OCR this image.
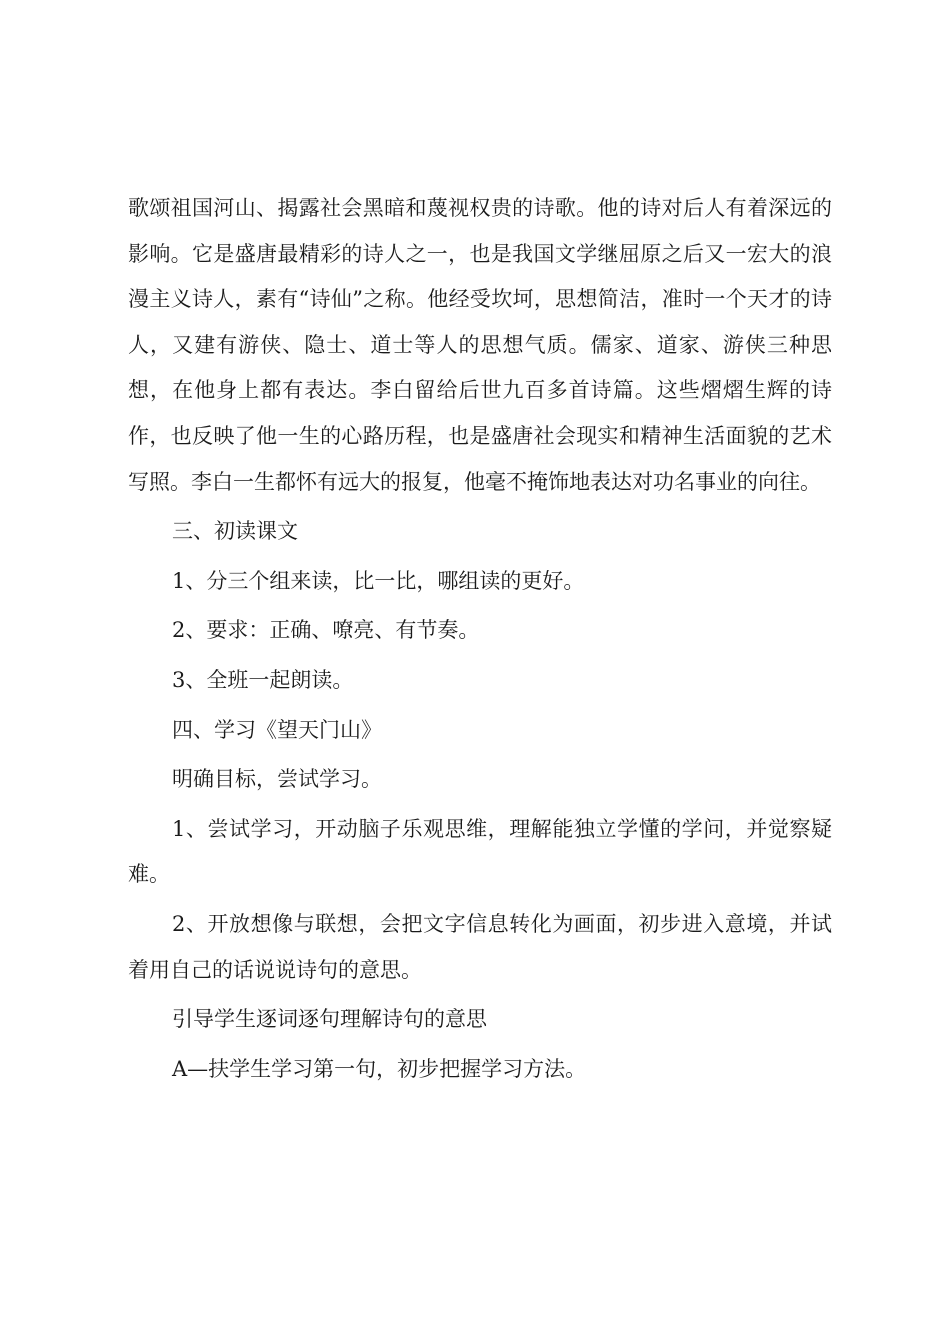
歌颂祖国河山、揭露社会黑暗和蔑视权贵的诗歌。他的诗对后人有着深远的影响。它是盛唐最精彩的诗人之一，也是我国文学继屈原之后又一宏大的浪漫主义诗人，素有“诗仙”之称。他经受坎坷，思想简洁，准时一个天才的诗人，又建有游侠、隐士、道士等人的思想气质。儒家、道家、游侠三种思想，在他身上都有表达。李白留给后世九百多首诗篇。这些熠熠生辉的诗作，也反映了他一生的心路历程，也是盛唐社会现实和精神生活面貌的艺术写照。李白一生都怀有远大的报复，他毫不掩饰地表达对功名事业的向往。

三、初读课文

1、分三个组来读，比一比，哪组读的更好。

2、要求：正确、嘹亮、有节奏。

3、全班一起朗读。

四、学习《望天门山》

明确目标，尝试学习。

1、尝试学习，开动脑子乐观思维，理解能独立学懂的学问，并觉察疑难。

2、开放想像与联想，会把文字信息转化为画面，初步进入意境，并试着用自己的话说说诗句的意思。

引导学生逐词逐句理解诗句的意思

A—扶学生学习第一句，初步把握学习方法。
